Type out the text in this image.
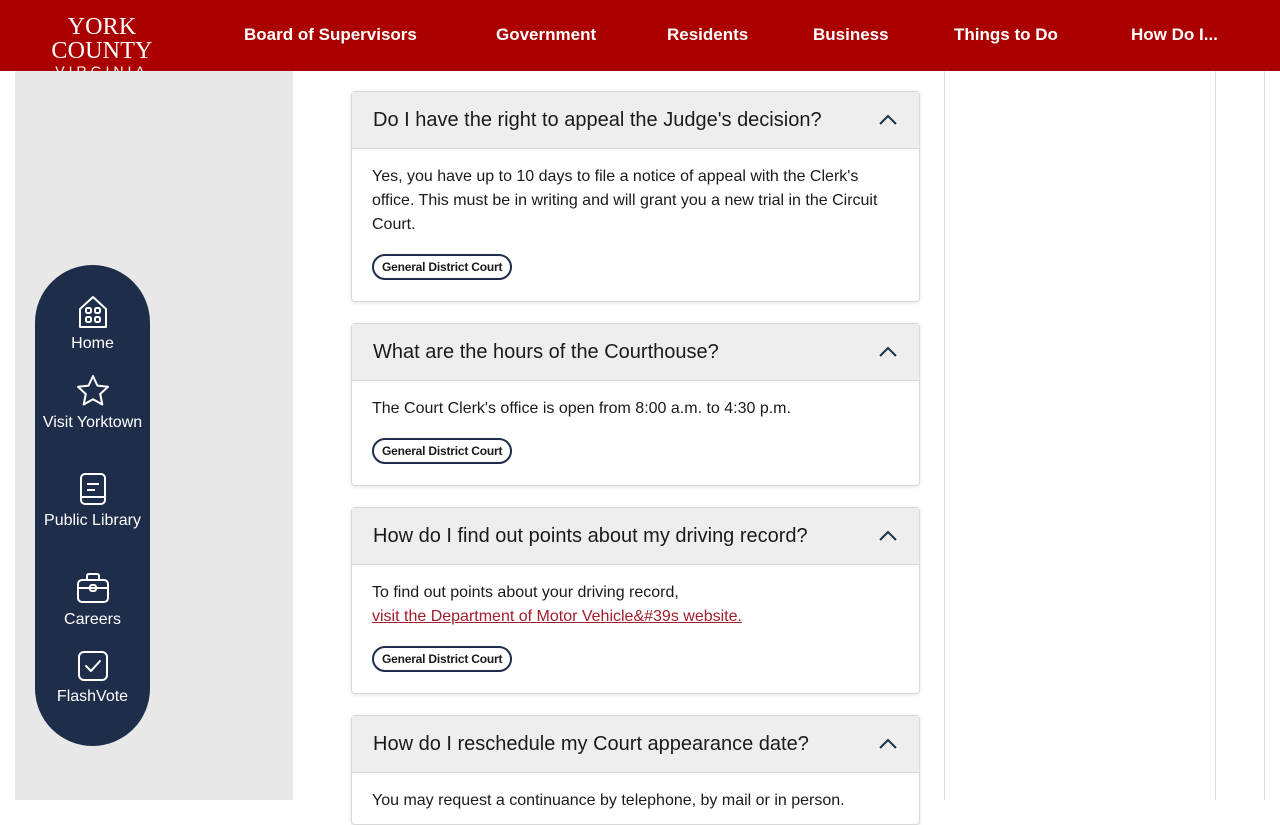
YORK COUNTY
Board of Supervisors	Government	Residents	Business	Things to Do	How Do I...
Home
Visit Yorktown
Public Library
Careers
FlashVote
Do I have the right to appeal the Judge's decision?
Yes, you have up to 10 days to file a notice of appeal with the Clerk's office. This must be in writing and will grant you a new trial in the Circuit Court.
General District Court
What are the hours of the Courthouse?
The Court Clerk's office is open from 8:00 a.m. to 4:30 p.m.
General District Court
How do I find out points about my driving record?
To find out points about your driving record,
visit the Department of Motor Vehicle&#39s website.
General District Court
How do I reschedule my Court appearance date?
You may request a continuance by telephone, by mail or in person.
